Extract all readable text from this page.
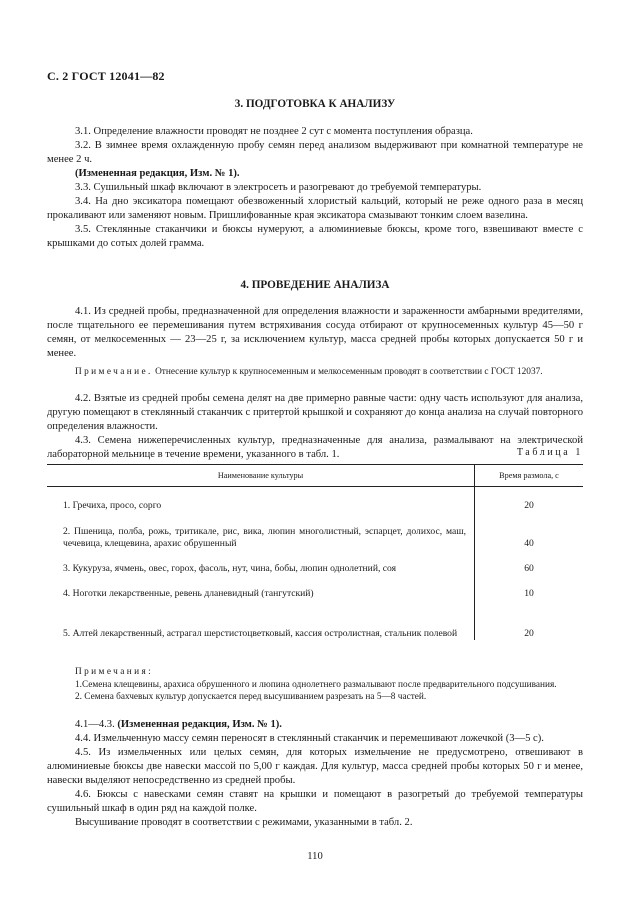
С. 2 ГОСТ 12041—82
3. ПОДГОТОВКА К АНАЛИЗУ

3.1. Определение влажности проводят не позднее 2 сут с момента поступления образца.

3.2. В зимнее время охлажденную пробу семян перед анализом выдерживают при комнатной температуре не менее 2 ч.

(Измененная редакция, Изм. № 1).

3.3. Сушильный шкаф включают в электросеть и разогревают до требуемой температуры.

3.4. На дно эксикатора помещают обезвоженный хлористый кальций, который не реже одного раза в месяц прокаливают или заменяют новым. Пришлифованные края эксикатора смазывают тонким слоем вазелина.

3.5. Стеклянные стаканчики и бюксы нумеруют, а алюминиевые бюксы, кроме того, взвешивают вместе с крышками до сотых долей грамма.

4. ПРОВЕДЕНИЕ АНАЛИЗА

4.1. Из средней пробы, предназначенной для определения влажности и зараженности амбарными вредителями, после тщательного ее перемешивания путем встряхивания сосуда отбирают от крупносеменных культур 45—50 г семян, от мелкосеменных — 23—25 г, за исключением культур, масса средней пробы которых допускается 50 г и менее.

Примечание. Отнесение культур к крупносеменным и мелкосеменным проводят в соответствии с ГОСТ 12037.

4.2. Взятые из средней пробы семена делят на две примерно равные части: одну часть используют для анализа, другую помещают в стеклянный стаканчик с притертой крышкой и сохраняют до конца анализа на случай повторного определения влажности.

4.3. Семена нижеперечисленных культур, предназначенные для анализа, размалывают на электрической лабораторной мельнице в течение времени, указанного в табл. 1.	Таблица 1
Наименование культуры	Время размола, с
1. Гречиха, просо, сорго	20
2. Пшеница, полба, рожь, тритикале, рис, вика, люпин многолистный, эспарцет, долихос, маш, чечевица, клещевина, арахис обрушенный	40
3. Кукуруза, ячмень, овес, горох, фасоль, нут, чина, бобы, люпин однолетний, соя	60
4. Ноготки лекарственные, ревень дланевидный (тангутский)	10
5. Алтей лекарственный, астрагал шерстистоцветковый, кассия остролистная, стальник полевой	20

Примечания:

1.Семена клещевины, арахиса обрушенного и люпина однолетнего размалывают после предварительного подсушивания.

2. Семена бахчевых культур допускается перед высушиванием разрезать на 5—8 частей.

4.1—4.3. (Измененная редакция, Изм. № 1).

4.4. Измельченную массу семян переносят в стеклянный стаканчик и перемешивают ложечкой (3—5 с).

4.5. Из измельченных или целых семян, для которых измельчение не предусмотрено, отвешивают в алюминиевые бюксы две навески массой по 5,00 г каждая. Для культур, масса средней пробы которых 50 г и менее, навески выделяют непосредственно из средней пробы.

4.6. Бюксы с навесками семян ставят на крышки и помещают в разогретый до требуемой температуры сушильный шкаф в один ряд на каждой полке.

Высушивание проводят в соответствии с режимами, указанными в табл. 2.

110
